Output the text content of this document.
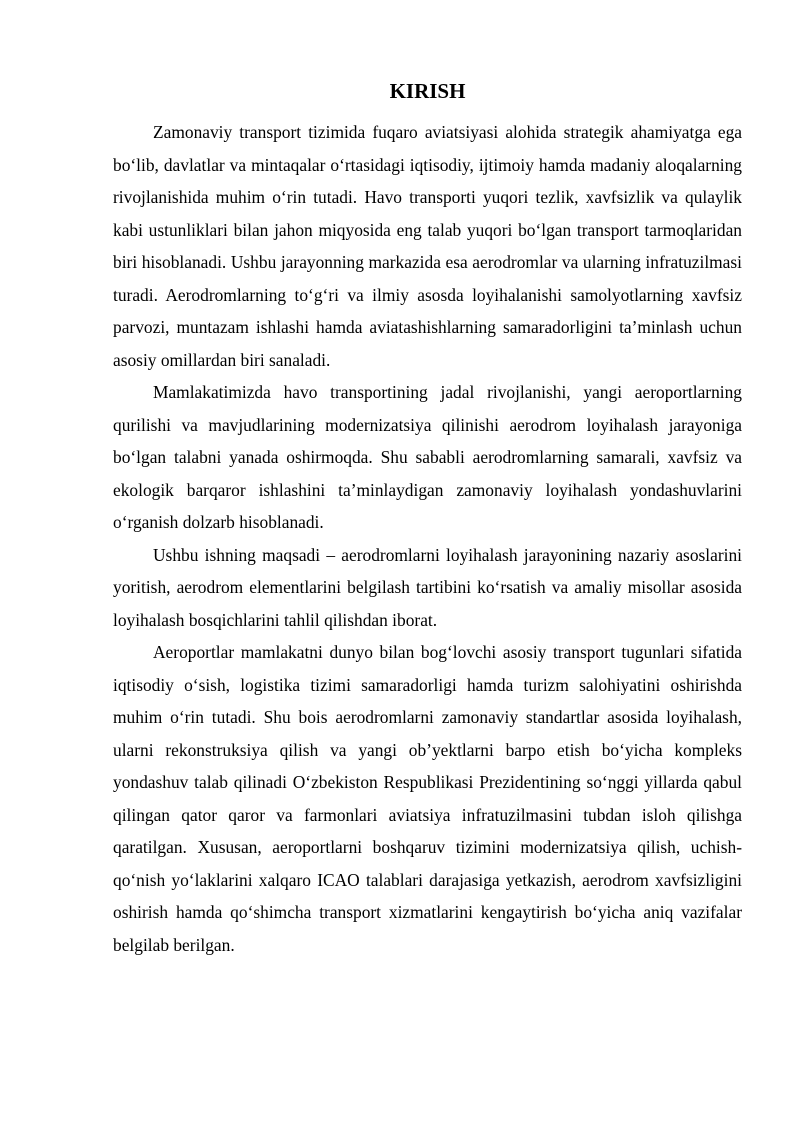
KIRISH

Zamonaviy transport tizimida fuqaro aviatsiyasi alohida strategik ahamiyatga ega bo‘lib, davlatlar va mintaqalar o‘rtasidagi iqtisodiy, ijtimoiy hamda madaniy aloqalarning rivojlanishida muhim o‘rin tutadi. Havo transporti yuqori tezlik, xavfsizlik va qulaylik kabi ustunliklari bilan jahon miqyosida eng talab yuqori bo‘lgan transport tarmoqlaridan biri hisoblanadi. Ushbu jarayonning markazida esa aerodromlar va ularning infratuzilmasi turadi. Aerodromlarning to‘g‘ri va ilmiy asosda loyihalanishi samolyotlarning xavfsiz parvozi, muntazam ishlashi hamda aviatashishlarning samaradorligini ta’minlash uchun asosiy omillardan biri sanaladi.

Mamlakatimizda havo transportining jadal rivojlanishi, yangi aeroportlarning qurilishi va mavjudlarining modernizatsiya qilinishi aerodrom loyihalash jarayoniga bo‘lgan talabni yanada oshirmoqda. Shu sababli aerodromlarning samarali, xavfsiz va ekologik barqaror ishlashini ta’minlaydigan zamonaviy loyihalash yondashuvlarini o‘rganish dolzarb hisoblanadi.

Ushbu ishning maqsadi – aerodromlarni loyihalash jarayonining nazariy asoslarini yoritish, aerodrom elementlarini belgilash tartibini ko‘rsatish va amaliy misollar asosida loyihalash bosqichlarini tahlil qilishdan iborat.

Aeroportlar mamlakatni dunyo bilan bog‘lovchi asosiy transport tugunlari sifatida iqtisodiy o‘sish, logistika tizimi samaradorligi hamda turizm salohiyatini oshirishda muhim o‘rin tutadi. Shu bois aerodromlarni zamonaviy standartlar asosida loyihalash, ularni rekonstruksiya qilish va yangi ob’yektlarni barpo etish bo‘yicha kompleks yondashuv talab qilinadi O‘zbekiston Respublikasi Prezidentining so‘nggi yillarda qabul qilingan qator qaror va farmonlari aviatsiya infratuzilmasini tubdan isloh qilishga qaratilgan. Xususan, aeroportlarni boshqaruv tizimini modernizatsiya qilish, uchish-qo‘nish yo‘laklarini xalqaro ICAO talablari darajasiga yetkazish, aerodrom xavfsizligini oshirish hamda qo‘shimcha transport xizmatlarini kengaytirish bo‘yicha aniq vazifalar belgilab berilgan.
